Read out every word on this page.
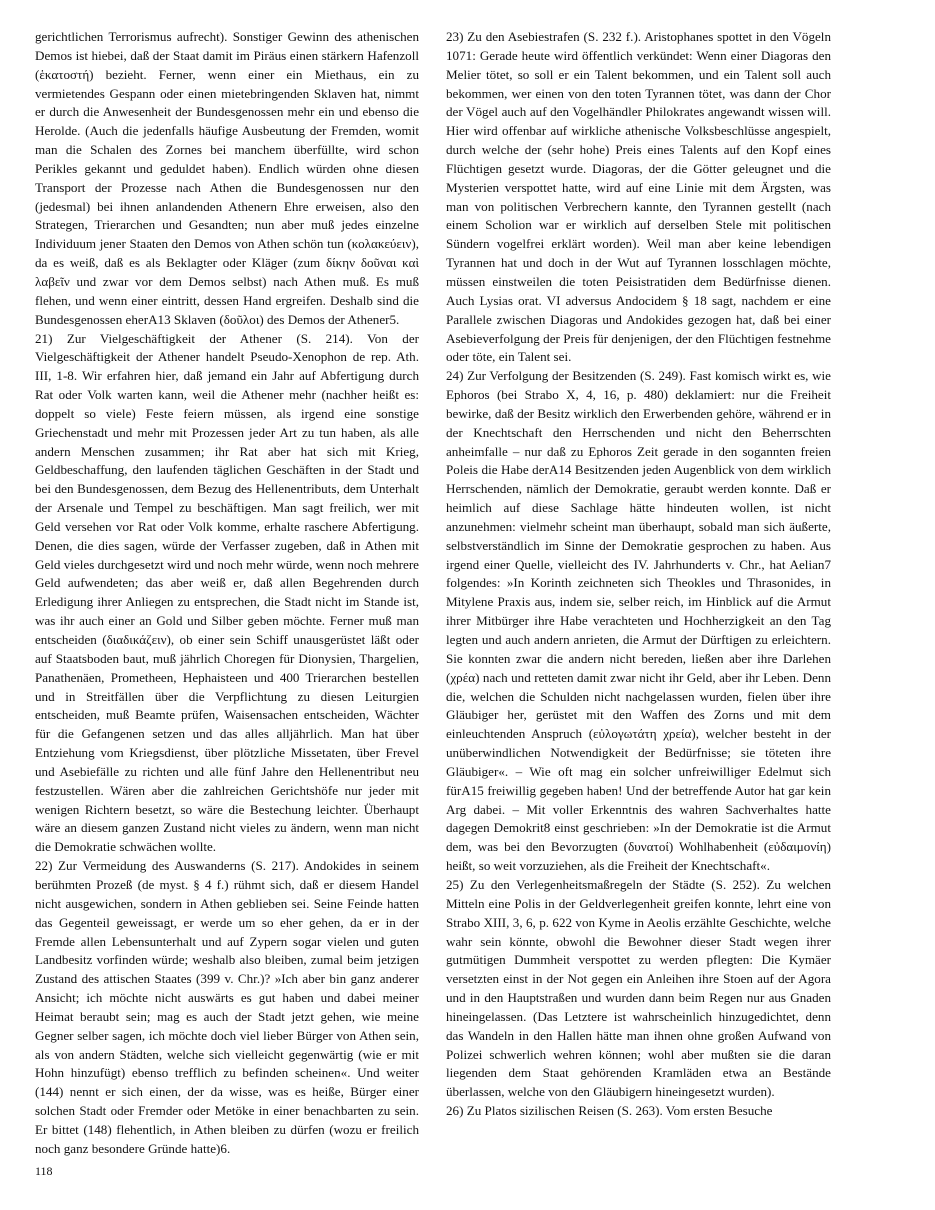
gerichtlichen Terrorismus aufrecht). Sonstiger Gewinn des athenischen Demos ist hiebei, daß der Staat damit im Piräus einen stärkern Hafenzoll (ἑκατοστή) bezieht. Ferner, wenn einer ein Miethaus, ein zu vermietendes Gespann oder einen mietebringenden Sklaven hat, nimmt er durch die Anwesenheit der Bundesgenossen mehr ein und ebenso die Herolde. (Auch die jedenfalls häufige Ausbeutung der Fremden, womit man die Schalen des Zornes bei manchem überfüllte, wird schon Perikles gekannt und geduldet haben). Endlich würden ohne diesen Transport der Prozesse nach Athen die Bundesgenossen nur den (jedesmal) bei ihnen anlandenden Athenern Ehre erweisen, also den Strategen, Trierarchen und Gesandten; nun aber muß jedes einzelne Individuum jener Staaten den Demos von Athen schön tun (κολακεύειν), da es weiß, daß es als Beklagter oder Kläger (zum δίκην δοῦναι καὶ λαβεῖν und zwar vor dem Demos selbst) nach Athen muß. Es muß flehen, und wenn einer eintritt, dessen Hand ergreifen. Deshalb sind die Bundesgenossen eherA13 Sklaven (δοῦλοι) des Demos der Athener5.

21) Zur Vielgeschäftigkeit der Athener (S. 214). Von der Vielgeschäftigkeit der Athener handelt Pseudo-Xenophon de rep. Ath. III, 1-8. Wir erfahren hier, daß jemand ein Jahr auf Abfertigung durch Rat oder Volk warten kann, weil die Athener mehr (nachher heißt es: doppelt so viele) Feste feiern müssen, als irgend eine sonstige Griechenstadt und mehr mit Prozessen jeder Art zu tun haben, als alle andern Menschen zusammen; ihr Rat aber hat sich mit Krieg, Geldbeschaffung, den laufenden täglichen Geschäften in der Stadt und bei den Bundesgenossen, dem Bezug des Hellenentributs, dem Unterhalt der Arsenale und Tempel zu beschäftigen. Man sagt freilich, wer mit Geld versehen vor Rat oder Volk komme, erhalte raschere Abfertigung. Denen, die dies sagen, würde der Verfasser zugeben, daß in Athen mit Geld vieles durchgesetzt wird und noch mehr würde, wenn noch mehrere Geld aufwendeten; das aber weiß er, daß allen Begehrenden durch Erledigung ihrer Anliegen zu entsprechen, die Stadt nicht im Stande ist, was ihr auch einer an Gold und Silber geben möchte. Ferner muß man entscheiden (διαδικάζειν), ob einer sein Schiff unausgerüstet läßt oder auf Staatsboden baut, muß jährlich Choregen für Dionysien, Thargelien, Panathenäen, Prometheen, Hephaisteen und 400 Trierarchen bestellen und in Streitfällen über die Verpflichtung zu diesen Leiturgien entscheiden, muß Beamte prüfen, Waisensachen entscheiden, Wächter für die Gefangenen setzen und das alles alljährlich. Man hat über Entziehung vom Kriegsdienst, über plötzliche Missetaten, über Frevel und Asebiefälle zu richten und alle fünf Jahre den Hellenentribut neu festzustellen. Wären aber die zahlreichen Gerichtshöfe nur jeder mit wenigen Richtern besetzt, so wäre die Bestechung leichter. Überhaupt wäre an diesem ganzen Zustand nicht vieles zu ändern, wenn man nicht die Demokratie schwächen wollte.

22) Zur Vermeidung des Auswanderns (S. 217). Andokides in seinem berühmten Prozeß (de myst. § 4 f.) rühmt sich, daß er diesem Handel nicht ausgewichen, sondern in Athen geblieben sei. Seine Feinde hatten das Gegenteil geweissagt, er werde um so eher gehen, da er in der Fremde allen Lebensunterhalt und auf Zypern sogar vielen und guten Landbesitz vorfinden würde; weshalb also bleiben, zumal beim jetzigen Zustand des attischen Staates (399 v. Chr.)? »Ich aber bin ganz anderer Ansicht; ich möchte nicht auswärts es gut haben und dabei meiner Heimat beraubt sein; mag es auch der Stadt jetzt gehen, wie meine Gegner selber sagen, ich möchte doch viel lieber Bürger von Athen sein, als von andern Städten, welche sich vielleicht gegenwärtig (wie er mit Hohn hinzufügt) ebenso trefflich zu befinden scheinen«. Und weiter (144) nennt er sich einen, der da wisse, was es heiße, Bürger einer solchen Stadt oder Fremder oder Metöke in einer benachbarten zu sein. Er bittet (148) flehentlich, in Athen bleiben zu dürfen (wozu er freilich noch ganz besondere Gründe hatte)6.

23) Zu den Asebiestrafen (S. 232 f.). Aristophanes spottet in den Vögeln 1071: Gerade heute wird öffentlich verkündet: Wenn einer Diagoras den Melier tötet, so soll er ein Talent bekommen, und ein Talent soll auch bekommen, wer einen von den toten Tyrannen tötet, was dann der Chor der Vögel auch auf den Vogelhändler Philokrates angewandt wissen will. Hier wird offenbar auf wirkliche athenische Volksbeschlüsse angespielt, durch welche der (sehr hohe) Preis eines Talents auf den Kopf eines Flüchtigen gesetzt wurde. Diagoras, der die Götter geleugnet und die Mysterien verspottet hatte, wird auf eine Linie mit dem Ärgsten, was man von politischen Verbrechern kannte, den Tyrannen gestellt (nach einem Scholion war er wirklich auf derselben Stele mit politischen Sündern vogelfrei erklärt worden). Weil man aber keine lebendigen Tyrannen hat und doch in der Wut auf Tyrannen losschlagen möchte, müssen einstweilen die toten Peisistratiden dem Bedürfnisse dienen. Auch Lysias orat. VI adversus Andocidem § 18 sagt, nachdem er eine Parallele zwischen Diagoras und Andokides gezogen hat, daß bei einer Asebieverfolgung der Preis für denjenigen, der den Flüchtigen festnehme oder töte, ein Talent sei.

24) Zur Verfolgung der Besitzenden (S. 249). Fast komisch wirkt es, wie Ephoros (bei Strabo X, 4, 16, p. 480) deklamiert: nur die Freiheit bewirke, daß der Besitz wirklich den Erwerbenden gehöre, während er in der Knechtschaft den Herrschenden und nicht den Beherrschten anheimfalle – nur daß zu Ephoros Zeit gerade in den sogannten freien Poleis die Habe derA14 Besitzenden jeden Augenblick von dem wirklich Herrschenden, nämlich der Demokratie, geraubt werden konnte. Daß er heimlich auf diese Sachlage hätte hindeuten wollen, ist nicht anzunehmen: vielmehr scheint man überhaupt, sobald man sich äußerte, selbstverständlich im Sinne der Demokratie gesprochen zu haben. Aus irgend einer Quelle, vielleicht des IV. Jahrhunderts v. Chr., hat Aelian7 folgendes: »In Korinth zeichneten sich Theokles und Thrasonides, in Mitylene Praxis aus, indem sie, selber reich, im Hinblick auf die Armut ihrer Mitbürger ihre Habe verachteten und Hochherzigkeit an den Tag legten und auch andern anrieten, die Armut der Dürftigen zu erleichtern. Sie konnten zwar die andern nicht bereden, ließen aber ihre Darlehen (χρέα) nach und retteten damit zwar nicht ihr Geld, aber ihr Leben. Denn die, welchen die Schulden nicht nachgelassen wurden, fielen über ihre Gläubiger her, gerüstet mit den Waffen des Zorns und mit dem einleuchtenden Anspruch (εὐλογωτάτη χρεία), welcher besteht in der unüberwindlichen Notwendigkeit der Bedürfnisse; sie töteten ihre Gläubiger«. – Wie oft mag ein solcher unfreiwilliger Edelmut sich fürA15 freiwillig gegeben haben! Und der betreffende Autor hat gar kein Arg dabei. – Mit voller Erkenntnis des wahren Sachverhaltes hatte dagegen Demokrit8 einst geschrieben: »In der Demokratie ist die Armut dem, was bei den Bevorzugten (δυνατοί) Wohlhabenheit (εὐδαιμονίη) heißt, so weit vorzuziehen, als die Freiheit der Knechtschaft«.

25) Zu den Verlegenheitsmaßregeln der Städte (S. 252). Zu welchen Mitteln eine Polis in der Geldverlegenheit greifen konnte, lehrt eine von Strabo XIII, 3, 6, p. 622 von Kyme in Aeolis erzählte Geschichte, welche wahr sein könnte, obwohl die Bewohner dieser Stadt wegen ihrer gutmütigen Dummheit verspottet zu werden pflegten: Die Kymäer versetzten einst in der Not gegen ein Anleihen ihre Stoen auf der Agora und in den Hauptstraßen und wurden dann beim Regen nur aus Gnaden hineingelassen. (Das Letztere ist wahrscheinlich hinzugedichtet, denn das Wandeln in den Hallen hätte man ihnen ohne großen Aufwand von Polizei schwerlich wehren können; wohl aber mußten sie die daran liegenden dem Staat gehörenden Kramläden etwa an Bestände überlassen, welche von den Gläubigern hineingesetzt wurden).

26) Zu Platos sizilischen Reisen (S. 263). Vom ersten Besuche

118
